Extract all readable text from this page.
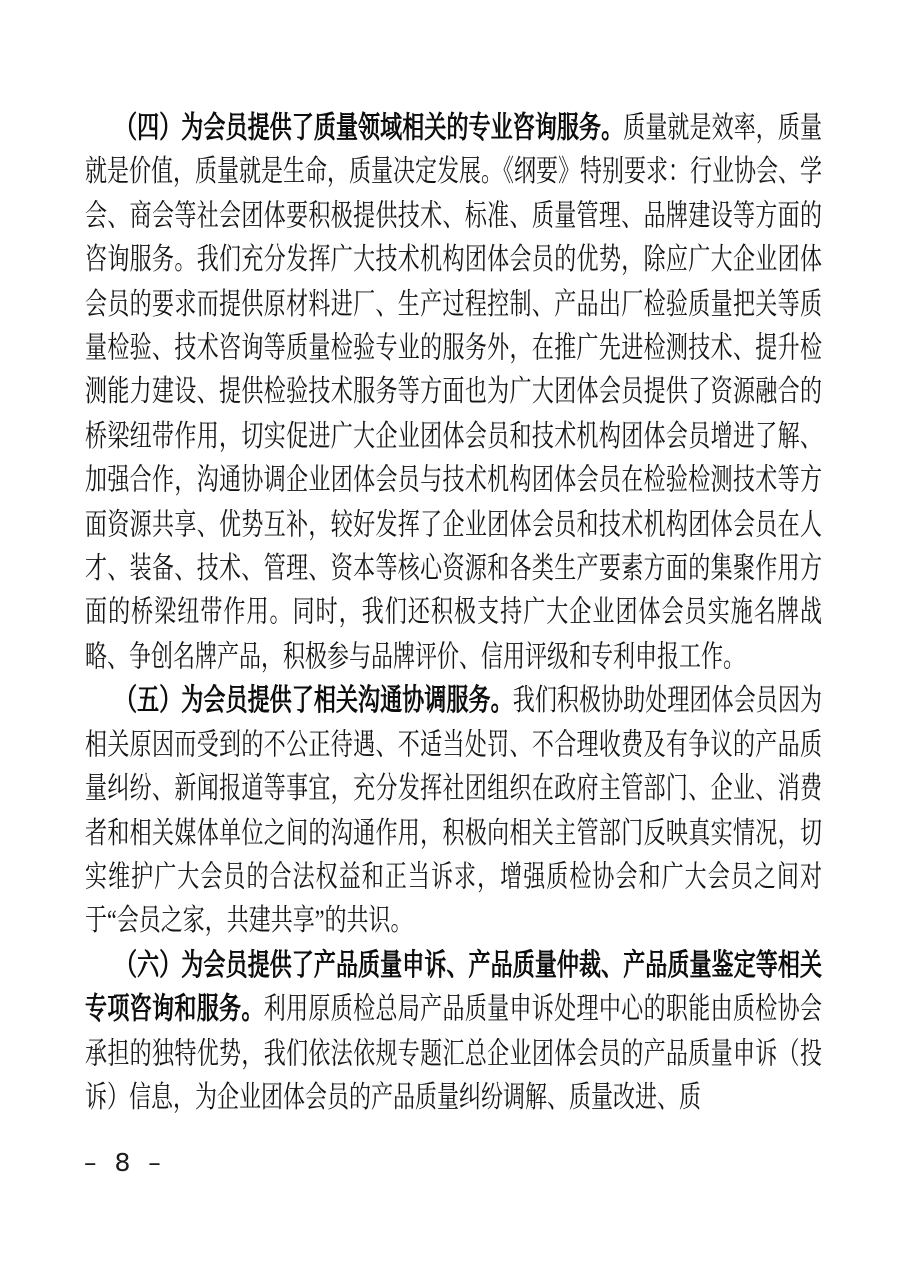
（四）为会员提供了质量领域相关的专业咨询服务。质量就是效率，质量就是价值，质量就是生命，质量决定发展。《纲要》特别要求：行业协会、学会、商会等社会团体要积极提供技术、标准、质量管理、品牌建设等方面的咨询服务。我们充分发挥广大技术机构团体会员的优势，除应广大企业团体会员的要求而提供原材料进厂、生产过程控制、产品出厂检验质量把关等质量检验、技术咨询等质量检验专业的服务外，在推广先进检测技术、提升检测能力建设、提供检验技术服务等方面也为广大团体会员提供了资源融合的桥梁纽带作用，切实促进广大企业团体会员和技术机构团体会员增进了解、加强合作，沟通协调企业团体会员与技术机构团体会员在检验检测技术等方面资源共享、优势互补，较好发挥了企业团体会员和技术机构团体会员在人才、装备、技术、管理、资本等核心资源和各类生产要素方面的集聚作用方面的桥梁纽带作用。同时，我们还积极支持广大企业团体会员实施名牌战略、争创名牌产品，积极参与品牌评价、信用评级和专利申报工作。

（五）为会员提供了相关沟通协调服务。我们积极协助处理团体会员因为相关原因而受到的不公正待遇、不适当处罚、不合理收费及有争议的产品质量纠纷、新闻报道等事宜，充分发挥社团组织在政府主管部门、企业、消费者和相关媒体单位之间的沟通作用，积极向相关主管部门反映真实情况，切实维护广大会员的合法权益和正当诉求，增强质检协会和广大会员之间对于“会员之家，共建共享”的共识。

（六）为会员提供了产品质量申诉、产品质量仲裁、产品质量鉴定等相关专项咨询和服务。利用原质检总局产品质量申诉处理中心的职能由质检协会承担的独特优势，我们依法依规专题汇总企业团体会员的产品质量申诉（投诉）信息，为企业团体会员的产品质量纠纷调解、质量改进、质

– 8 –
